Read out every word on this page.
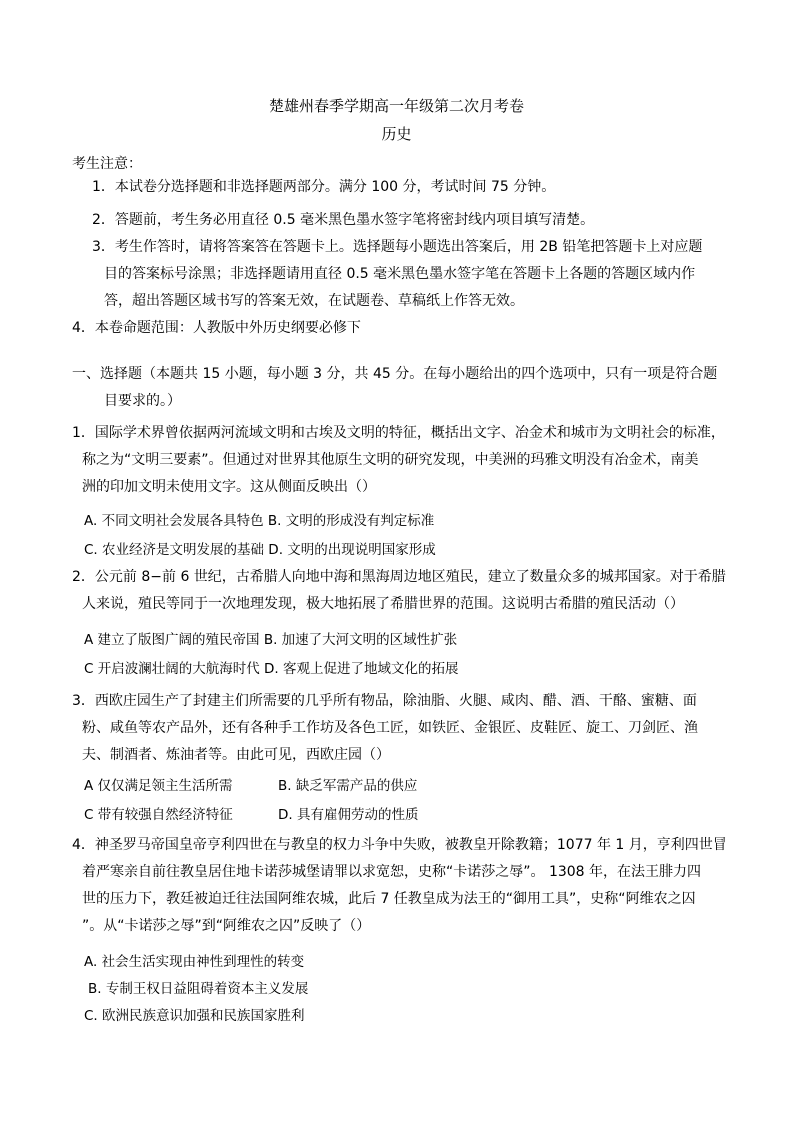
楚雄州春季学期高一年级第二次月考卷
历史
考生注意：
1．本试卷分选择题和非选择题两部分。满分 100 分，考试时间 75 分钟。
2．答题前，考生务必用直径 0.5 毫米黑色墨水签字笔将密封线内项目填写清楚。
3．考生作答时，请将答案答在答题卡上。选择题每小题选出答案后，用 2B 铅笔把答题卡上对应题
目的答案标号涂黑；非选择题请用直径 0.5 毫米黑色墨水签字笔在答题卡上各题的答题区域内作
答，超出答题区域书写的答案无效，在试题卷、草稿纸上作答无效。
4．本卷命题范围：人教版中外历史纲要必修下
一、选择题（本题共 15 小题，每小题 3 分，共 45 分。在每小题给出的四个选项中，只有一项是符合题
目要求的。）
1．国际学术界曾依据两河流域文明和古埃及文明的特征，概括出文字、冶金术和城市为文明社会的标准，
称之为“文明三要素”。但通过对世界其他原生文明的研究发现，中美洲的玛雅文明没有冶金术，南美
洲的印加文明未使用文字。这从侧面反映出（）
A. 不同文明社会发展各具特色 B. 文明的形成没有判定标准
C. 农业经济是文明发展的基础 D. 文明的出现说明国家形成
2．公元前 8−前 6 世纪，古希腊人向地中海和黑海周边地区殖民，建立了数量众多的城邦国家。对于希腊
人来说，殖民等同于一次地理发现，极大地拓展了希腊世界的范围。这说明古希腊的殖民活动（）
A 建立了版图广阔的殖民帝国 B. 加速了大河文明的区域性扩张
C 开启波澜壮阔的大航海时代 D. 客观上促进了地域文化的拓展
3．西欧庄园生产了封建主们所需要的几乎所有物品，除油脂、火腿、咸肉、醋、酒、干酪、蜜糖、面
粉、咸鱼等农产品外，还有各种手工作坊及各色工匠，如铁匠、金银匠、皮鞋匠、旋工、刀剑匠、渔
夫、制酒者、炼油者等。由此可见，西欧庄园（）
A 仅仅满足领主生活所需	B. 缺乏军需产品的供应
C 带有较强自然经济特征	D. 具有雇佣劳动的性质
4．神圣罗马帝国皇帝亨利四世在与教皇的权力斗争中失败，被教皇开除教籍；1077 年 1 月，亨利四世冒
着严寒亲自前往教皇居住地卡诺莎城堡请罪以求宽恕，史称“卡诺莎之辱”。 1308 年，在法王腓力四
世的压力下，教廷被迫迁往法国阿维农城，此后 7 任教皇成为法王的“御用工具”，史称“阿维农之囚
”。从“卡诺莎之辱”到“阿维农之囚”反映了（）
A. 社会生活实现由神性到理性的转变
B. 专制王权日益阻碍着资本主义发展
C. 欧洲民族意识加强和民族国家胜利
